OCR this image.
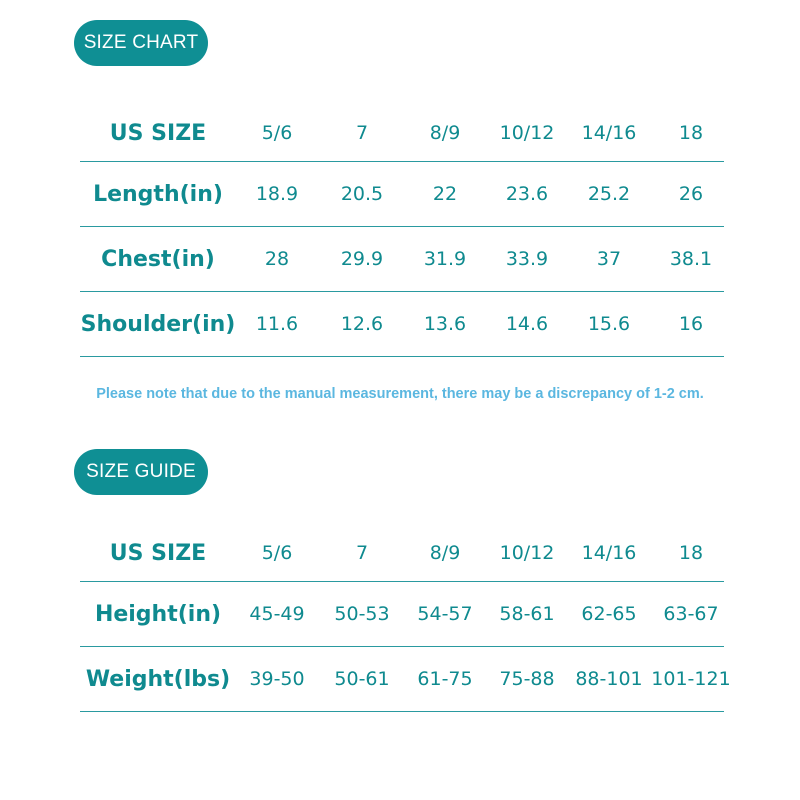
SIZE CHART
US SIZE	5/6	7	8/9	10/12	14/16	18
Length(in)	18.9	20.5	22	23.6	25.2	26
Chest(in)	28	29.9	31.9	33.9	37	38.1
Shoulder(in)	11.6	12.6	13.6	14.6	15.6	16
Please note that due to the manual measurement, there may be a discrepancy of 1-2 cm.
SIZE GUIDE
US SIZE	5/6	7	8/9	10/12	14/16	18
Height(in)	45-49	50-53	54-57	58-61	62-65	63-67
Weight(lbs)	39-50	50-61	61-75	75-88	88-101 101-121
